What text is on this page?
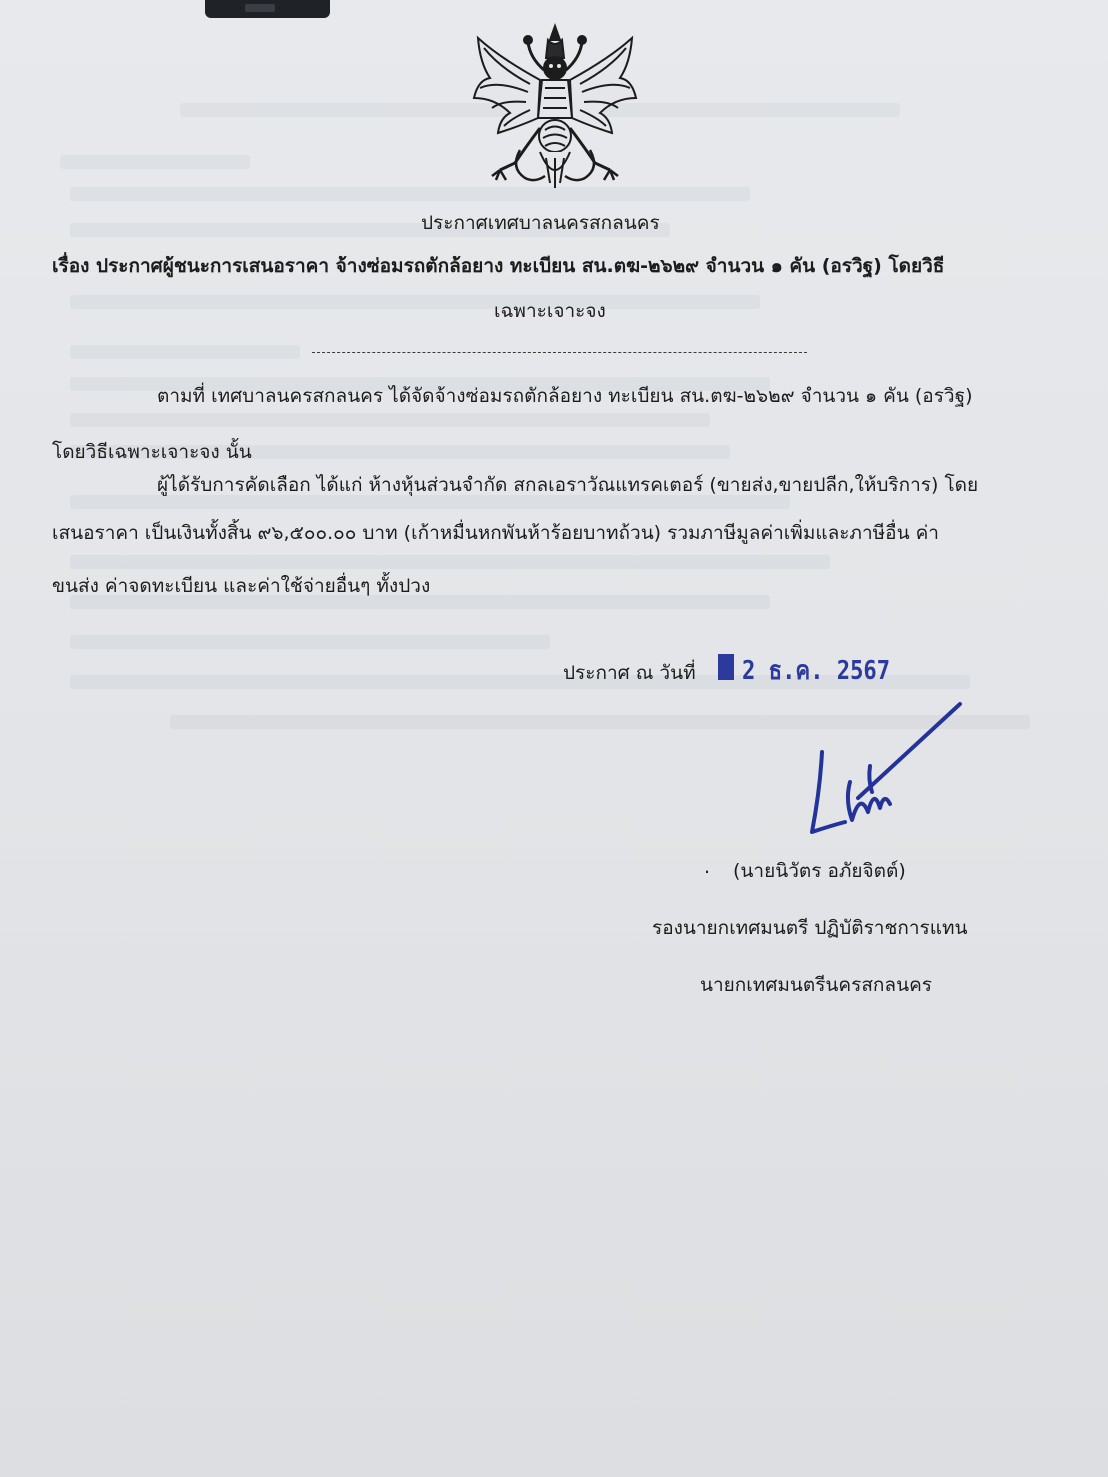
ประกาศเทศบาลนครสกลนคร
เรื่อง ประกาศผู้ชนะการเสนอราคา จ้างซ่อมรถตักล้อยาง ทะเบียน สน.ตฆ-๒๖๒๙ จำนวน ๑ คัน (อรวิฐ) โดยวิธี
เฉพาะเจาะจง
ตามที่ เทศบาลนครสกลนคร ได้จัดจ้างซ่อมรถตักล้อยาง ทะเบียน สน.ตฆ-๒๖๒๙ จำนวน ๑ คัน (อรวิฐ)
โดยวิธีเฉพาะเจาะจง นั้น
ผู้ได้รับการคัดเลือก ได้แก่ ห้างหุ้นส่วนจำกัด สกลเอราวัณแทรคเตอร์ (ขายส่ง,ขายปลีก,ให้บริการ) โดย
เสนอราคา เป็นเงินทั้งสิ้น ๙๖,๕๐๐.๐๐ บาท (เก้าหมื่นหกพันห้าร้อยบาทถ้วน) รวมภาษีมูลค่าเพิ่มและภาษีอื่น ค่า
ขนส่ง ค่าจดทะเบียน และค่าใช้จ่ายอื่นๆ ทั้งปวง
ประกาศ ณ วันที่ 2 ธ.ค. 2567
. (นายนิวัตร อภัยจิตต์)
รองนายกเทศมนตรี ปฏิบัติราชการแทน
นายกเทศมนตรีนครสกลนคร
